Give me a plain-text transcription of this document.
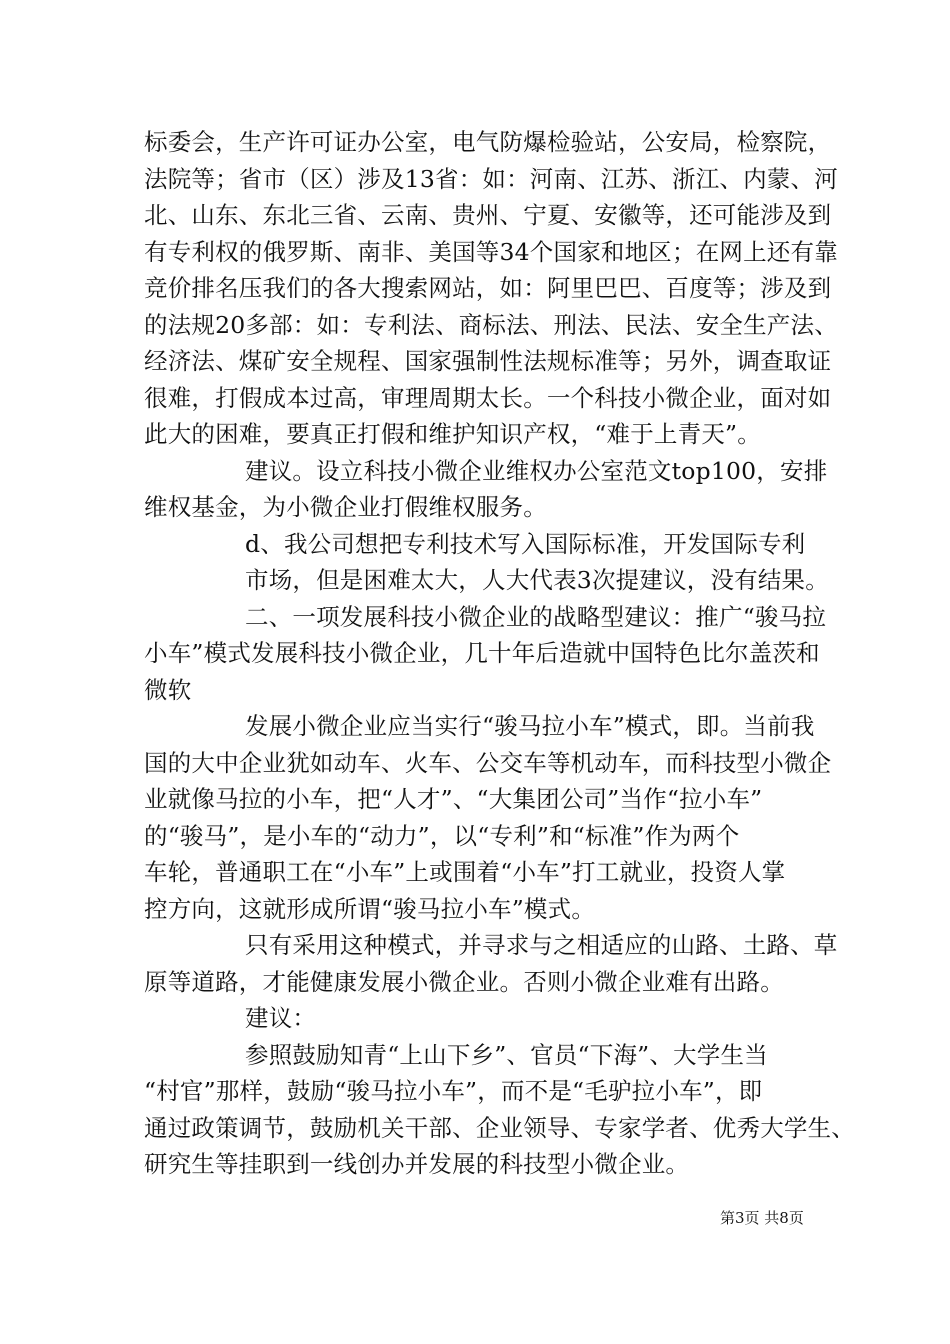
标委会，生产许可证办公室，电气防爆检验站，公安局，检察院，
法院等；省市（区）涉及13省：如：河南、江苏、浙江、内蒙、河
北、山东、东北三省、云南、贵州、宁夏、安徽等，还可能涉及到
有专利权的俄罗斯、南非、美国等34个国家和地区；在网上还有靠
竞价排名压我们的各大搜索网站，如：阿里巴巴、百度等；涉及到
的法规20多部：如：专利法、商标法、刑法、民法、安全生产法、
经济法、煤矿安全规程、国家强制性法规标准等；另外，调查取证
很难，打假成本过高，审理周期太长。一个科技小微企业，面对如
此大的困难，要真正打假和维护知识产权，“难于上青天”。
建议。设立科技小微企业维权办公室范文top100，安排
维权基金，为小微企业打假维权服务。
d、我公司想把专利技术写入国际标准，开发国际专利
市场，但是困难太大，人大代表3次提建议，没有结果。
二、一项发展科技小微企业的战略型建议：推广“骏马拉
小车”模式发展科技小微企业，几十年后造就中国特色比尔盖茨和
微软
发展小微企业应当实行“骏马拉小车”模式，即。当前我
国的大中企业犹如动车、火车、公交车等机动车，而科技型小微企
业就像马拉的小车，把“人才”、“大集团公司”当作“拉小车”
的“骏马”，是小车的“动力”，以“专利”和“标准”作为两个
车轮，普通职工在“小车”上或围着“小车”打工就业，投资人掌
控方向，这就形成所谓“骏马拉小车”模式。
只有采用这种模式，并寻求与之相适应的山路、土路、草
原等道路，才能健康发展小微企业。否则小微企业难有出路。
建议：
参照鼓励知青“上山下乡”、官员“下海”、大学生当
“村官”那样，鼓励“骏马拉小车”，而不是“毛驴拉小车”，即
通过政策调节，鼓励机关干部、企业领导、专家学者、优秀大学生、
研究生等挂职到一线创办并发展的科技型小微企业。
第3页 共8页
